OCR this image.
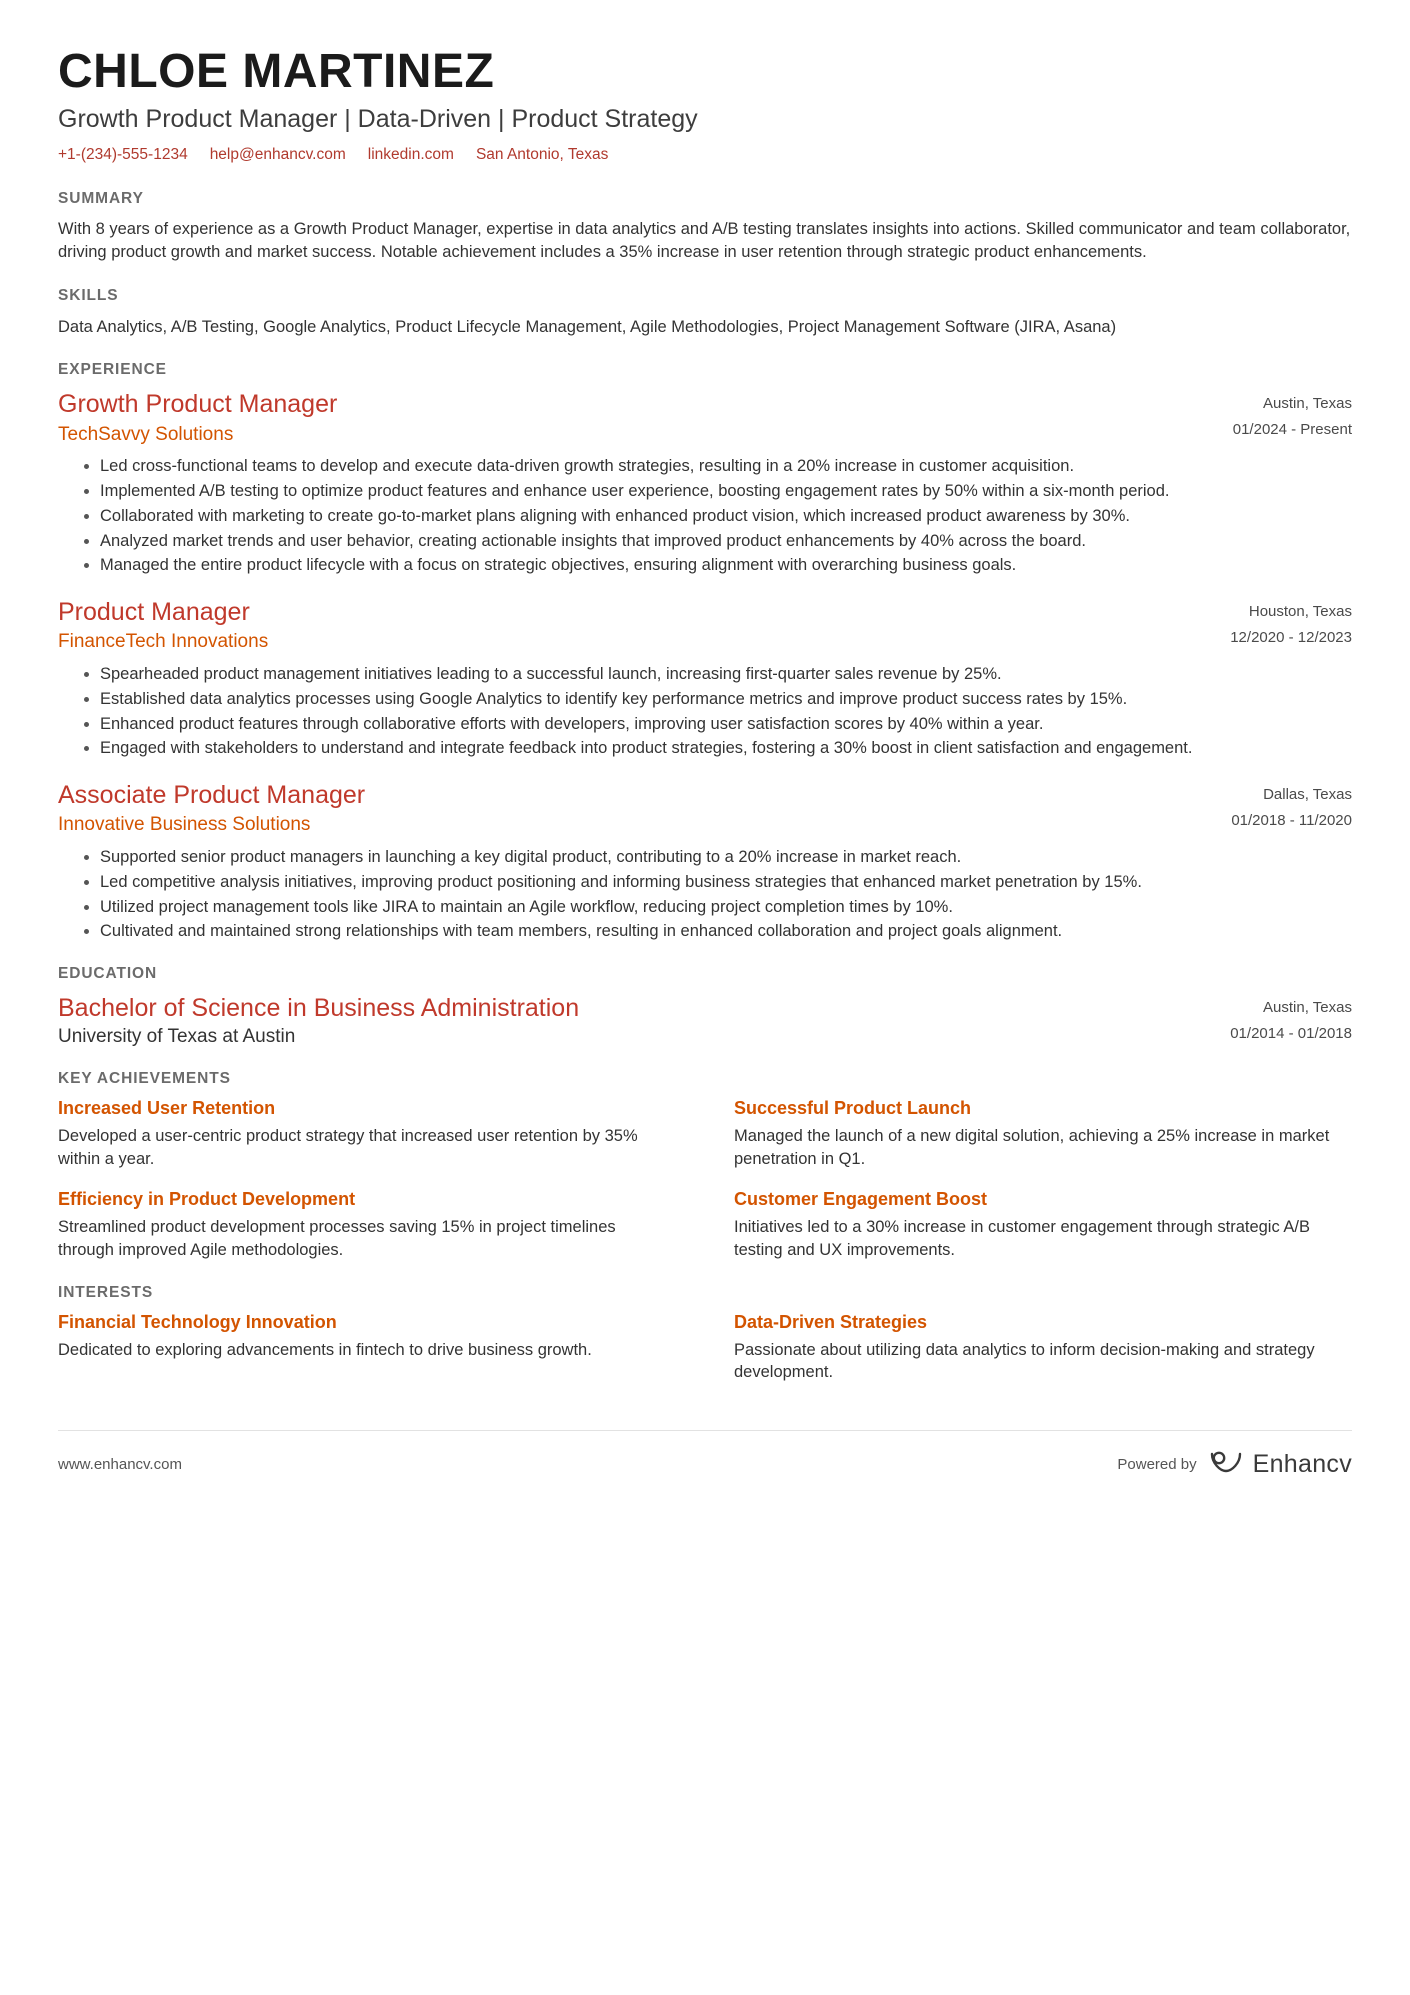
CHLOE MARTINEZ
Growth Product Manager | Data-Driven | Product Strategy
+1-(234)-555-1234 help@enhancv.com linkedin.com San Antonio, Texas
SUMMARY
With 8 years of experience as a Growth Product Manager, expertise in data analytics and A/B testing translates insights into actions. Skilled communicator and team collaborator, driving product growth and market success. Notable achievement includes a 35% increase in user retention through strategic product enhancements.
SKILLS
Data Analytics, A/B Testing, Google Analytics, Product Lifecycle Management, Agile Methodologies, Project Management Software (JIRA, Asana)
EXPERIENCE
Growth Product Manager
TechSavvy Solutions
Austin, Texas
01/2024 - Present
Led cross-functional teams to develop and execute data-driven growth strategies, resulting in a 20% increase in customer acquisition.
Implemented A/B testing to optimize product features and enhance user experience, boosting engagement rates by 50% within a six-month period.
Collaborated with marketing to create go-to-market plans aligning with enhanced product vision, which increased product awareness by 30%.
Analyzed market trends and user behavior, creating actionable insights that improved product enhancements by 40% across the board.
Managed the entire product lifecycle with a focus on strategic objectives, ensuring alignment with overarching business goals.
Product Manager
FinanceTech Innovations
Houston, Texas
12/2020 - 12/2023
Spearheaded product management initiatives leading to a successful launch, increasing first-quarter sales revenue by 25%.
Established data analytics processes using Google Analytics to identify key performance metrics and improve product success rates by 15%.
Enhanced product features through collaborative efforts with developers, improving user satisfaction scores by 40% within a year.
Engaged with stakeholders to understand and integrate feedback into product strategies, fostering a 30% boost in client satisfaction and engagement.
Associate Product Manager
Innovative Business Solutions
Dallas, Texas
01/2018 - 11/2020
Supported senior product managers in launching a key digital product, contributing to a 20% increase in market reach.
Led competitive analysis initiatives, improving product positioning and informing business strategies that enhanced market penetration by 15%.
Utilized project management tools like JIRA to maintain an Agile workflow, reducing project completion times by 10%.
Cultivated and maintained strong relationships with team members, resulting in enhanced collaboration and project goals alignment.
EDUCATION
Bachelor of Science in Business Administration
University of Texas at Austin
Austin, Texas
01/2014 - 01/2018
KEY ACHIEVEMENTS
Increased User Retention
Developed a user-centric product strategy that increased user retention by 35% within a year.
Successful Product Launch
Managed the launch of a new digital solution, achieving a 25% increase in market penetration in Q1.
Efficiency in Product Development
Streamlined product development processes saving 15% in project timelines through improved Agile methodologies.
Customer Engagement Boost
Initiatives led to a 30% increase in customer engagement through strategic A/B testing and UX improvements.
INTERESTS
Financial Technology Innovation
Dedicated to exploring advancements in fintech to drive business growth.
Data-Driven Strategies
Passionate about utilizing data analytics to inform decision-making and strategy development.
www.enhancv.com	Powered by Enhancv
